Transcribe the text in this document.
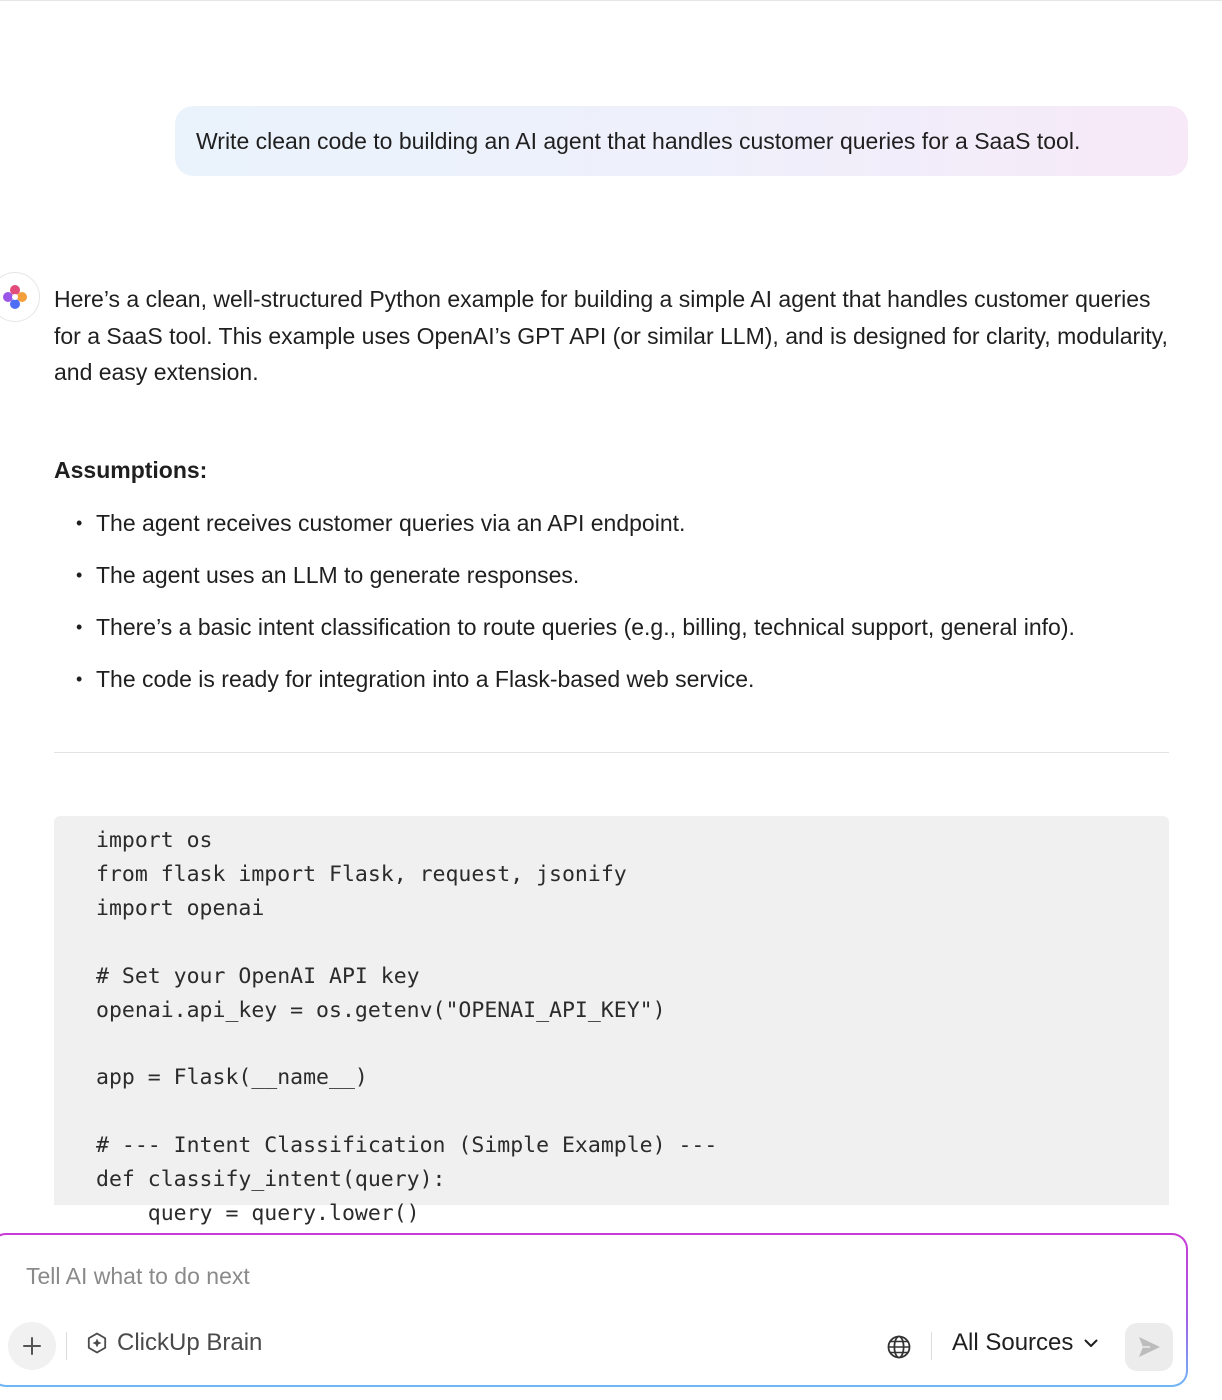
Write clean code to building an AI agent that handles customer queries for a SaaS tool.

Here’s a clean, well-structured Python example for building a simple AI agent that handles customer queries for a SaaS tool. This example uses OpenAI’s GPT API (or similar LLM), and is designed for clarity, modularity, and easy extension.

Assumptions:

• The agent receives customer queries via an API endpoint.
• The agent uses an LLM to generate responses.
• There’s a basic intent classification to route queries (e.g., billing, technical support, general info).
• The code is ready for integration into a Flask-based web service.
import os
from flask import Flask, request, jsonify
import openai

# Set your OpenAI API key
openai.api_key = os.getenv("OPENAI_API_KEY")

app = Flask(__name__)

# --- Intent Classification (Simple Example) ---
def classify_intent(query):
query = query.lower()
Tell AI what to do next
ClickUp Brain	All Sources
